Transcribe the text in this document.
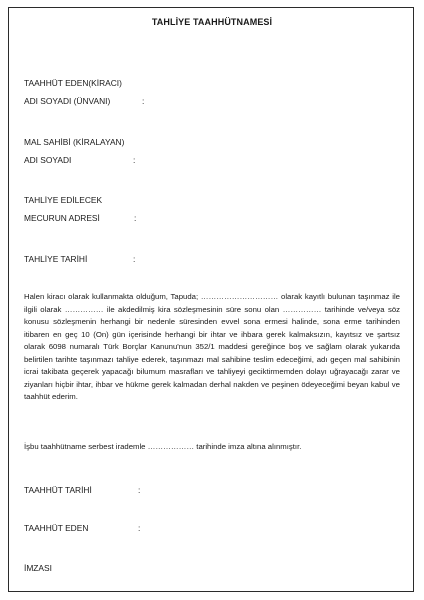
TAHLİYE TAAHHÜTNAMESİ
TAAHHÜT EDEN(KİRACI)
ADI SOYADI (ÜNVANI)	:
MAL SAHİBİ (KİRALAYAN)
ADI SOYADI	:
TAHLİYE EDİLECEK
MECURUN ADRESİ	:
TAHLİYE TARİHİ	:
Halen kiracı olarak kullanmakta olduğum, Tapuda; ………………………… olarak kayıtlı bulunan taşınmaz ile ilgili olarak …………… ile akdedilmiş kira sözleşmesinin süre sonu olan …………… tarihinde ve/veya söz konusu sözleşmenin herhangi bir nedenle süresinden evvel sona ermesi halinde, sona erme tarihinden itibaren en geç 10 (On) gün içerisinde herhangi bir ihtar ve ihbara gerek kalmaksızın, kayıtsız ve şartsız olarak 6098 numaralı Türk Borçlar Kanunu'nun 352/1 maddesi gereğince boş ve sağlam olarak yukarıda belirtilen tarihte taşınmazı tahliye ederek, taşınmazı mal sahibine teslim edeceğimi, adı geçen mal sahibinin icrai takibata geçerek yapacağı bilumum masrafları ve tahliyeyi geciktirmemden dolayı uğrayacağı zarar ve ziyanları hiçbir ihtar, ihbar ve hükme gerek kalmadan derhal nakden ve peşinen ödeyeceğimi beyan kabul ve taahhüt ederim.
İşbu taahhütname serbest irademle ……………… tarihinde imza altına alınmıştır.
TAAHHÜT TARİHİ	:
TAAHHÜT EDEN	:
İMZASI
